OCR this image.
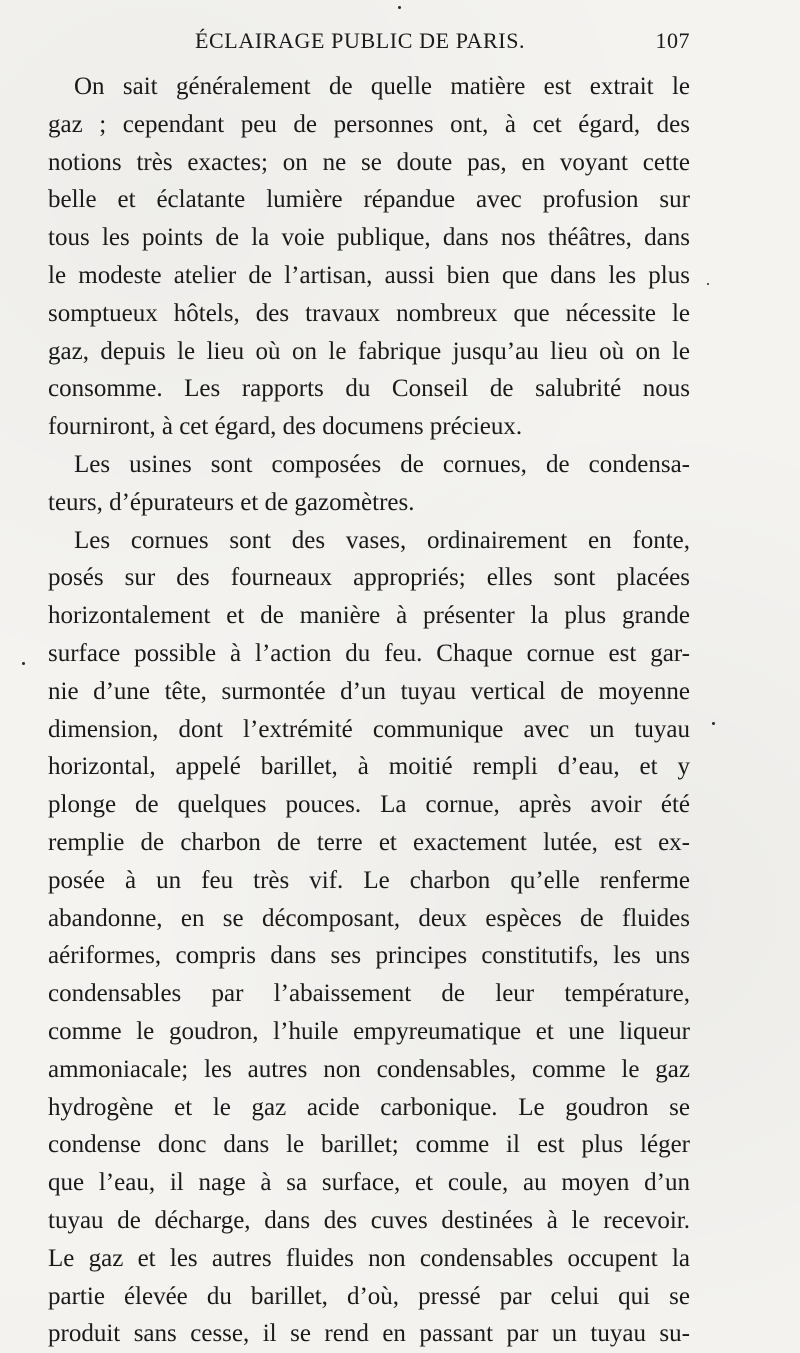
ÉCLAIRAGE PUBLIC DE PARIS.	107
On sait généralement de quelle matière est extrait le
gaz ; cependant peu de personnes ont, à cet égard, des
notions très exactes; on ne se doute pas, en voyant cette
belle et éclatante lumière répandue avec profusion sur
tous les points de la voie publique, dans nos théâtres, dans
le modeste atelier de l’artisan, aussi bien que dans les plus
somptueux hôtels, des travaux nombreux que nécessite le
gaz, depuis le lieu où on le fabrique jusqu’au lieu où on le
consomme. Les rapports du Conseil de salubrité nous
fourniront, à cet égard, des documens précieux.
Les usines sont composées de cornues, de condensa-
teurs, d’épurateurs et de gazomètres.
Les cornues sont des vases, ordinairement en fonte,
posés sur des fourneaux appropriés; elles sont placées
horizontalement et de manière à présenter la plus grande
surface possible à l’action du feu. Chaque cornue est gar-
nie d’une tête, surmontée d’un tuyau vertical de moyenne
dimension, dont l’extrémité communique avec un tuyau
horizontal, appelé barillet, à moitié rempli d’eau, et y
plonge de quelques pouces. La cornue, après avoir été
remplie de charbon de terre et exactement lutée, est ex-
posée à un feu très vif. Le charbon qu’elle renferme
abandonne, en se décomposant, deux espèces de fluides
aériformes, compris dans ses principes constitutifs, les uns
condensables par l’abaissement de leur température,
comme le goudron, l’huile empyreumatique et une liqueur
ammoniacale; les autres non condensables, comme le gaz
hydrogène et le gaz acide carbonique. Le goudron se
condense donc dans le barillet; comme il est plus léger
que l’eau, il nage à sa surface, et coule, au moyen d’un
tuyau de décharge, dans des cuves destinées à le recevoir.
Le gaz et les autres fluides non condensables occupent la
partie élevée du barillet, d’où, pressé par celui qui se
produit sans cesse, il se rend en passant par un tuyau su-
